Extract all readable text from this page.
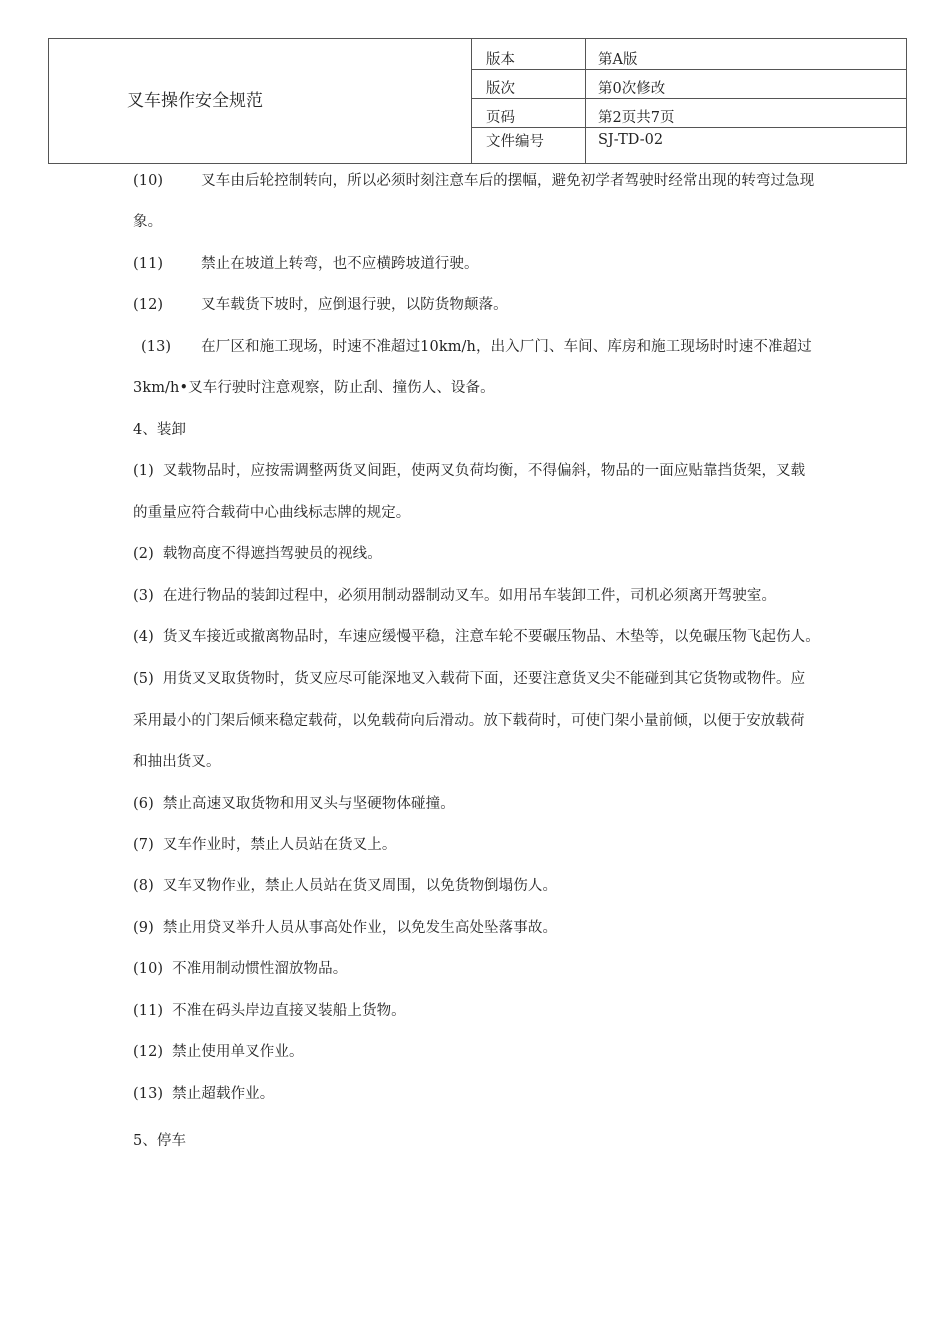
叉车操作安全规范	版本	第A版
	版次	第0次修改
	页码	第2页共7页
	文件编号	SJ-TD-02
(10)	叉车由后轮控制转向，所以必须时刻注意车后的摆幅，避免初学者驾驶时经常出现的转弯过急现
象。
(11)	禁止在坡道上转弯，也不应横跨坡道行驶。
(12)	叉车载货下坡时，应倒退行驶，以防货物颠落。
(13) 在厂区和施工现场，时速不准超过10km/h，出入厂门、车间、库房和施工现场时时速不准超过
3km/h•叉车行驶时注意观察，防止刮、撞伤人、设备。
4、装卸
(1) 叉载物品时，应按需调整两货叉间距，使两叉负荷均衡，不得偏斜，物品的一面应贴靠挡货架，叉载
的重量应符合载荷中心曲线标志牌的规定。
(2) 载物高度不得遮挡驾驶员的视线。
(3) 在进行物品的装卸过程中，必须用制动器制动叉车。如用吊车装卸工件，司机必须离开驾驶室。
(4) 货叉车接近或撤离物品时，车速应缓慢平稳，注意车轮不要碾压物品、木垫等，以免碾压物飞起伤人。
(5) 用货叉叉取货物时，货叉应尽可能深地叉入载荷下面，还要注意货叉尖不能碰到其它货物或物件。应
采用最小的门架后倾来稳定载荷，以免载荷向后滑动。放下载荷时，可使门架小量前倾，以便于安放载荷
和抽出货叉。
(6) 禁止高速叉取货物和用叉头与坚硬物体碰撞。
(7) 叉车作业时，禁止人员站在货叉上。
(8) 叉车叉物作业，禁止人员站在货叉周围，以免货物倒塌伤人。
(9) 禁止用贷叉举升人员从事高处作业，以免发生高处坠落事故。
(10) 不准用制动惯性溜放物品。
(11) 不准在码头岸边直接叉装船上货物。
(12) 禁止使用单叉作业。
(13) 禁止超载作业。
5、停车
